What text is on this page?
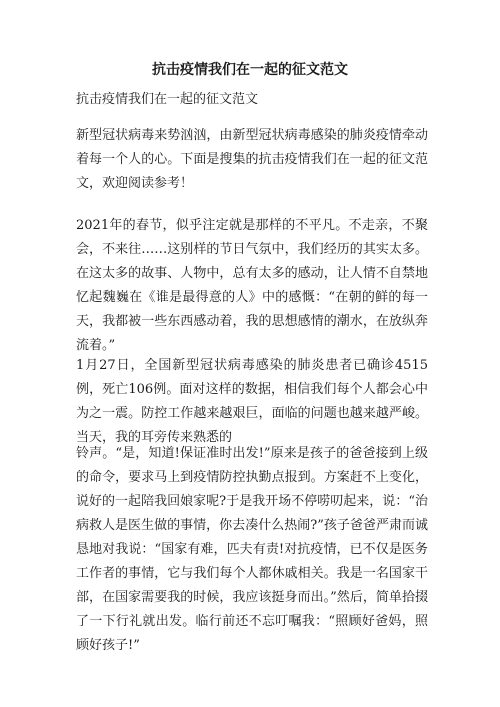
抗击疫情我们在一起的征文范文

抗击疫情我们在一起的征文范文

新型冠状病毒来势汹汹，由新型冠状病毒感染的肺炎疫情牵动着每一个人的心。下面是搜集的抗击疫情我们在一起的征文范文，欢迎阅读参考！

2021年的春节，似乎注定就是那样的不平凡。不走亲，不聚会，不来往……这别样的节日气氛中，我们经历的其实太多。在这太多的故事、人物中，总有太多的感动，让人情不自禁地忆起魏巍在《谁是最得意的人》中的感慨：“在朝的鲜的每一天，我都被一些东西感动着，我的思想感情的潮水，在放纵奔流着。”

1月27日，全国新型冠状病毒感染的肺炎患者已确诊4515例，死亡106例。面对这样的数据，相信我们每个人都会心中为之一震。防控工作越来越艰巨，面临的问题也越来越严峻。当天，我的耳旁传来熟悉的

铃声。“是，知道!保证准时出发!”原来是孩子的爸爸接到上级的命令，要求马上到疫情防控执勤点报到。方案赶不上变化，说好的一起陪我回娘家呢?于是我开场不停唠叨起来，说：“治病救人是医生做的事情，你去凑什么热闹?”孩子爸爸严肃而诚恳地对我说：“国家有难，匹夫有责!对抗疫情，已不仅是医务工作者的事情，它与我们每个人都休戚相关。我是一名国家干部，在国家需要我的时候，我应该挺身而出。”然后，简单拾掇了一下行礼就出发。临行前还不忘叮嘱我：“照顾好爸妈，照顾好孩子!”
